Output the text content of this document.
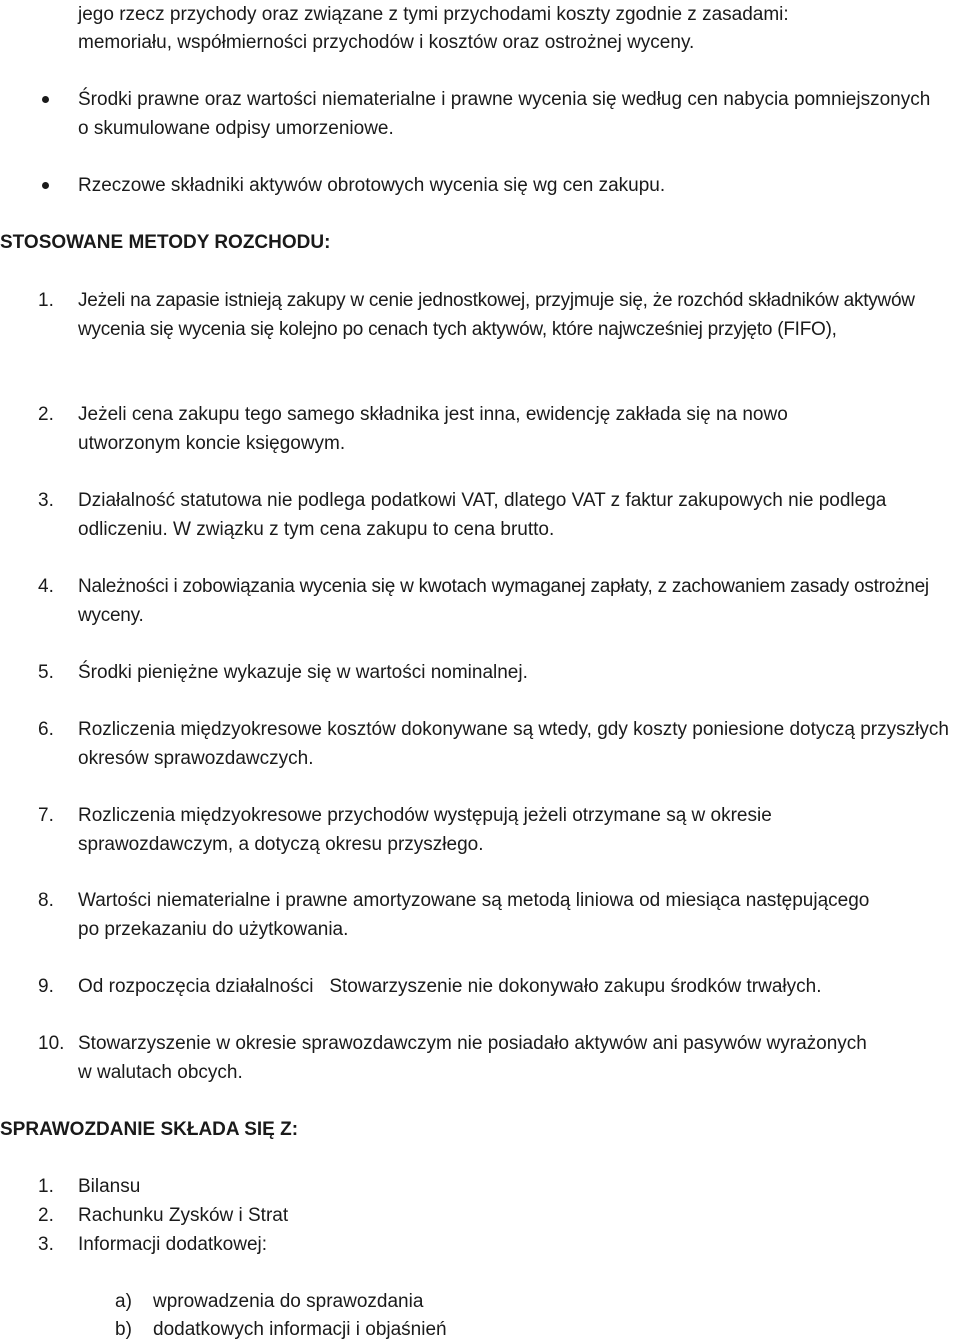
jego rzecz przychody oraz związane z tymi przychodami koszty zgodnie z zasadami:
memoriału, współmierności przychodów i kosztów oraz ostrożnej wyceny.
Środki prawne oraz wartości niematerialne i prawne wycenia się według cen nabycia pomniejszonych o skumulowane odpisy umorzeniowe.
Rzeczowe składniki aktywów obrotowych wycenia się wg cen zakupu.
STOSOWANE METODY ROZCHODU:
1. Jeżeli na zapasie istnieją zakupy w cenie jednostkowej, przyjmuje się, że rozchód składników aktywów wycenia się wycenia się kolejno po cenach tych aktywów, które najwcześniej przyjęto (FIFO),
2. Jeżeli cena zakupu tego samego składnika jest inna, ewidencję zakłada się na nowo utworzonym koncie księgowym.
3. Działalność statutowa nie podlega podatkowi VAT, dlatego VAT z faktur zakupowych nie podlega odliczeniu. W związku z tym cena zakupu to cena brutto.
4. Należności i zobowiązania wycenia się w kwotach wymaganej zapłaty, z zachowaniem zasady ostrożnej wyceny.
5. Środki pieniężne wykazuje się w wartości nominalnej.
6. Rozliczenia międzyokresowe kosztów dokonywane są wtedy, gdy koszty poniesione dotyczą przyszłych okresów sprawozdawczych.
7. Rozliczenia międzyokresowe przychodów występują jeżeli otrzymane są w okresie sprawozdawczym, a dotyczą okresu przyszłego.
8. Wartości niematerialne i prawne amortyzowane są metodą liniowa od miesiąca następującego po przekazaniu do użytkowania.
9. Od rozpoczęcia działalności   Stowarzyszenie nie dokonywało zakupu środków trwałych.
10. Stowarzyszenie w okresie sprawozdawczym nie posiadało aktywów ani pasywów wyrażonych w walutach obcych.
SPRAWOZDANIE SKŁADA SIĘ Z:
1. Bilansu
2. Rachunku Zysków i Strat
3. Informacji dodatkowej:
a) wprowadzenia do sprawozdania
b) dodatkowych informacji i objaśnień
